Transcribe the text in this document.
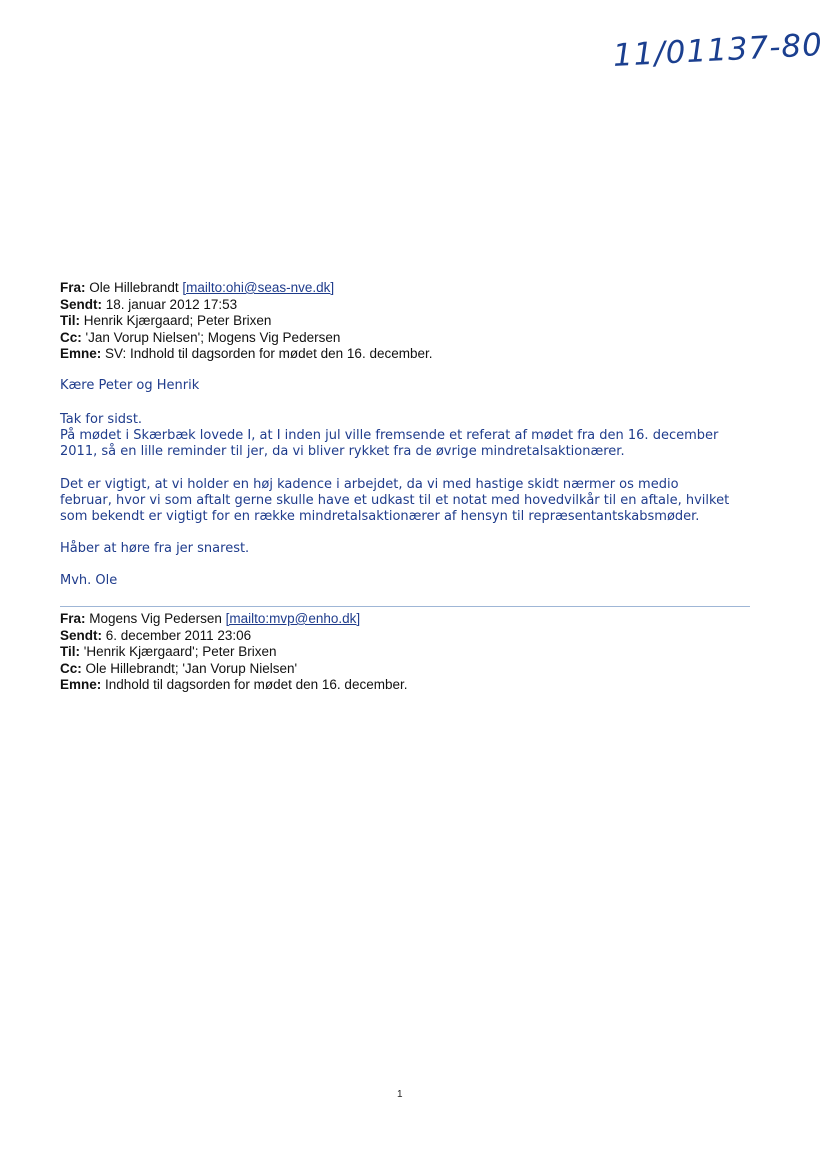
11/01137-80
Fra: Ole Hillebrandt [mailto:ohi@seas-nve.dk]
Sendt: 18. januar 2012 17:53
Til: Henrik Kjærgaard; Peter Brixen
Cc: 'Jan Vorup Nielsen'; Mogens Vig Pedersen
Emne: SV: Indhold til dagsorden for mødet den 16. december.
Kære Peter og Henrik
Tak for sidst.
På mødet i Skærbæk lovede I, at I inden jul ville fremsende et referat af mødet fra den 16. december
2011, så en lille reminder til jer, da vi bliver rykket fra de øvrige mindretalsaktionærer.
Det er vigtigt, at vi holder en høj kadence i arbejdet, da vi med hastige skidt nærmer os medio
februar, hvor vi som aftalt gerne skulle have et udkast til et notat med hovedvilkår til en aftale, hvilket
som bekendt er vigtigt for en række mindretalsaktionærer af hensyn til repræsentantskabsmøder.
Håber at høre fra jer snarest.
Mvh. Ole
Fra: Mogens Vig Pedersen [mailto:mvp@enho.dk]
Sendt: 6. december 2011 23:06
Til: 'Henrik Kjærgaard'; Peter Brixen
Cc: Ole Hillebrandt; 'Jan Vorup Nielsen'
Emne: Indhold til dagsorden for mødet den 16. december.
1
